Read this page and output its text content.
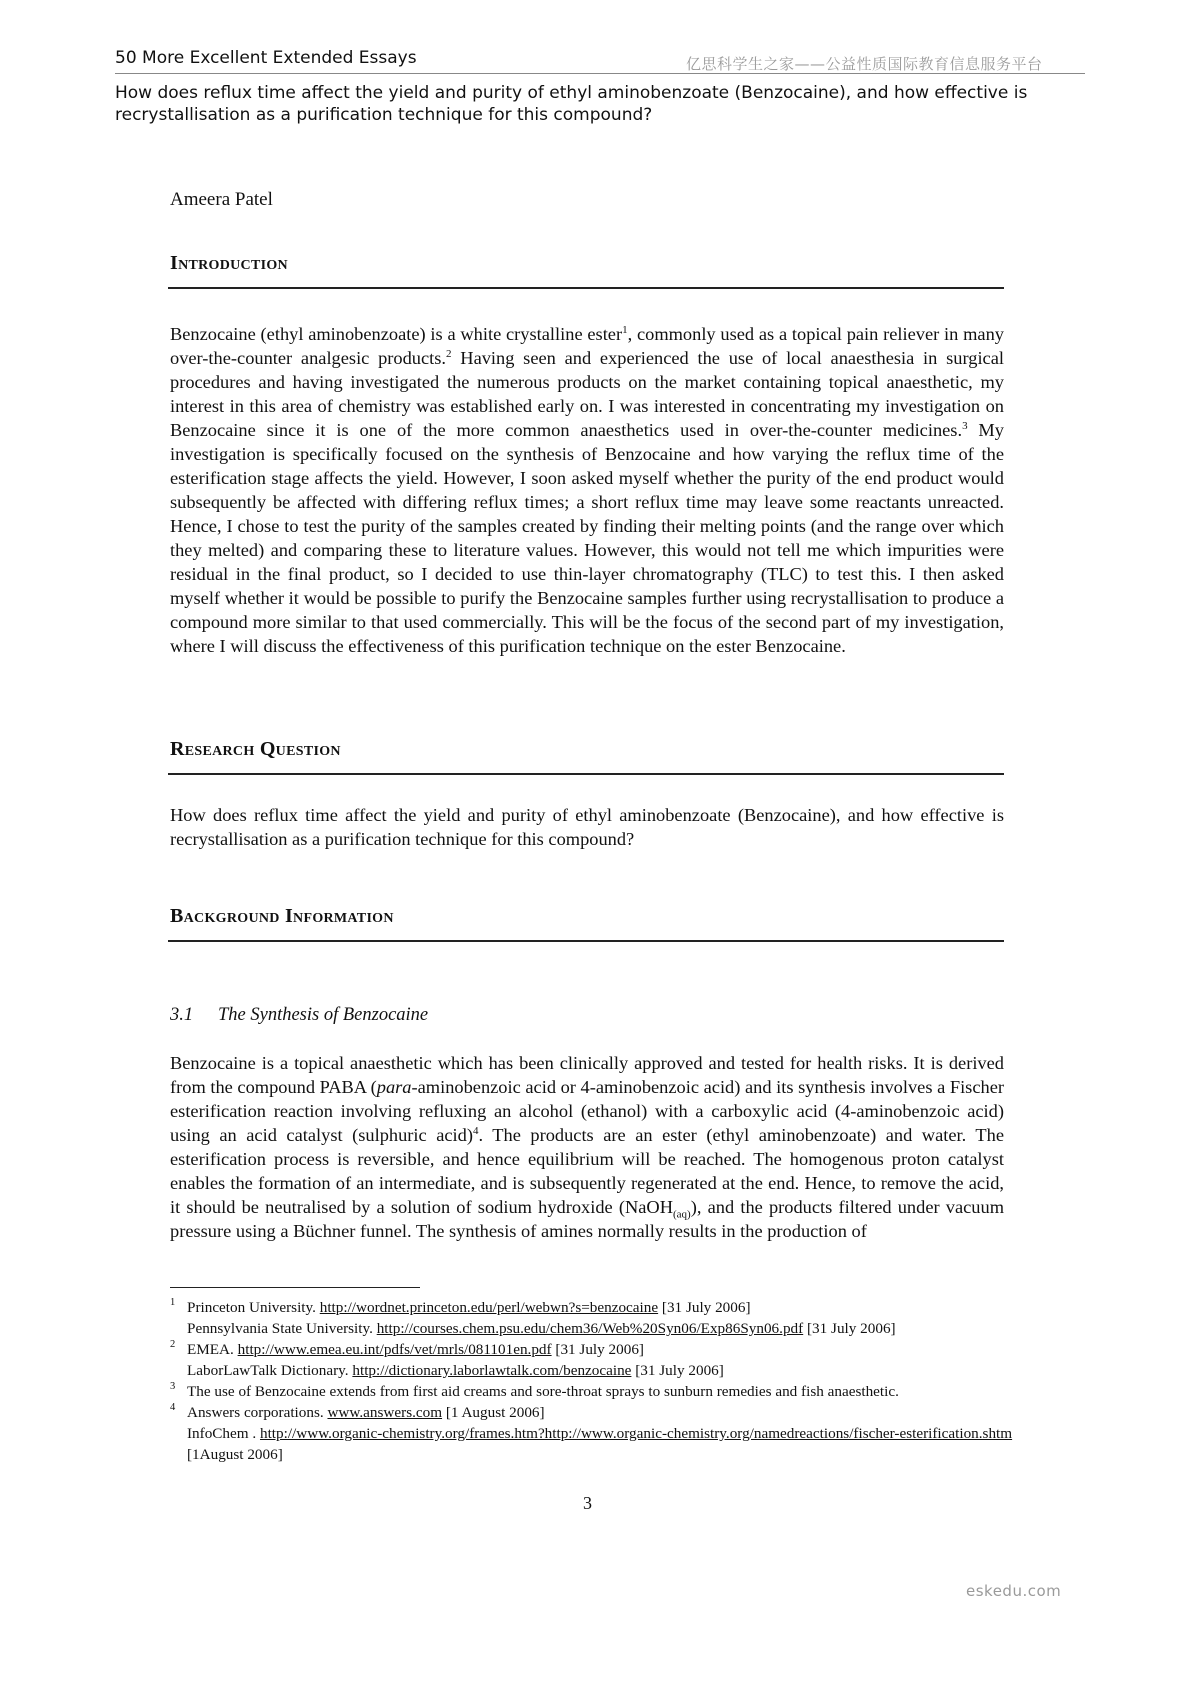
50 More Excellent Extended Essays	亿思科学生之家——公益性质国际教育信息服务平台
How does reflux time affect the yield and purity of ethyl aminobenzoate (Benzocaine), and how effective is recrystallisation as a purification technique for this compound?
Ameera Patel
Introduction
Benzocaine (ethyl aminobenzoate) is a white crystalline ester$^1$, commonly used as a topical pain reliever in many over-the-counter analgesic products.$^2$ Having seen and experienced the use of local anaesthesia in surgical procedures and having investigated the numerous products on the market containing topical anaesthetic, my interest in this area of chemistry was established early on. I was interested in concentrating my investigation on Benzocaine since it is one of the more common anaesthetics used in over-the-counter medicines.$^3$ My investigation is specifically focused on the synthesis of Benzocaine and how varying the reflux time of the esterification stage affects the yield. However, I soon asked myself whether the purity of the end product would subsequently be affected with differing reflux times; a short reflux time may leave some reactants unreacted. Hence, I chose to test the purity of the samples created by finding their melting points (and the range over which they melted) and comparing these to literature values. However, this would not tell me which impurities were residual in the final product, so I decided to use thin-layer chromatography (TLC) to test this. I then asked myself whether it would be possible to purify the Benzocaine samples further using recrystallisation to produce a compound more similar to that used commercially. This will be the focus of the second part of my investigation, where I will discuss the effectiveness of this purification technique on the ester Benzocaine.
Research Question
How does reflux time affect the yield and purity of ethyl aminobenzoate (Benzocaine), and how effective is recrystallisation as a purification technique for this compound?
Background Information
3.1 The Synthesis of Benzocaine
Benzocaine is a topical anaesthetic which has been clinically approved and tested for health risks. It is derived from the compound PABA (para-aminobenzoic acid or 4-aminobenzoic acid) and its synthesis involves a Fischer esterification reaction involving refluxing an alcohol (ethanol) with a carboxylic acid (4-aminobenzoic acid) using an acid catalyst (sulphuric acid)$^4$. The products are an ester (ethyl aminobenzoate) and water. The esterification process is reversible, and hence equilibrium will be reached. The homogenous proton catalyst enables the formation of an intermediate, and is subsequently regenerated at the end. Hence, to remove the acid, it should be neutralised by a solution of sodium hydroxide (NaOH$_{(aq)}$), and the products filtered under vacuum pressure using a Büchner funnel. The synthesis of amines normally results in the production of
1 Princeton University. http://wordnet.princeton.edu/perl/webwn?s=benzocaine [31 July 2006]
Pennsylvania State University. http://courses.chem.psu.edu/chem36/Web%20Syn06/Exp86Syn06.pdf [31 July 2006]
2 EMEA. http://www.emea.eu.int/pdfs/vet/mrls/081101en.pdf [31 July 2006]
LaborLawTalk Dictionary. http://dictionary.laborlawtalk.com/benzocaine [31 July 2006]
3 The use of Benzocaine extends from first aid creams and sore-throat sprays to sunburn remedies and fish anaesthetic.
4 Answers corporations. www.answers.com [1 August 2006]
InfoChem . http://www.organic-chemistry.org/frames.htm?http://www.organic-chemistry.org/namedreactions/fischer-esterification.shtm [1August 2006]
3
eskedu.com
